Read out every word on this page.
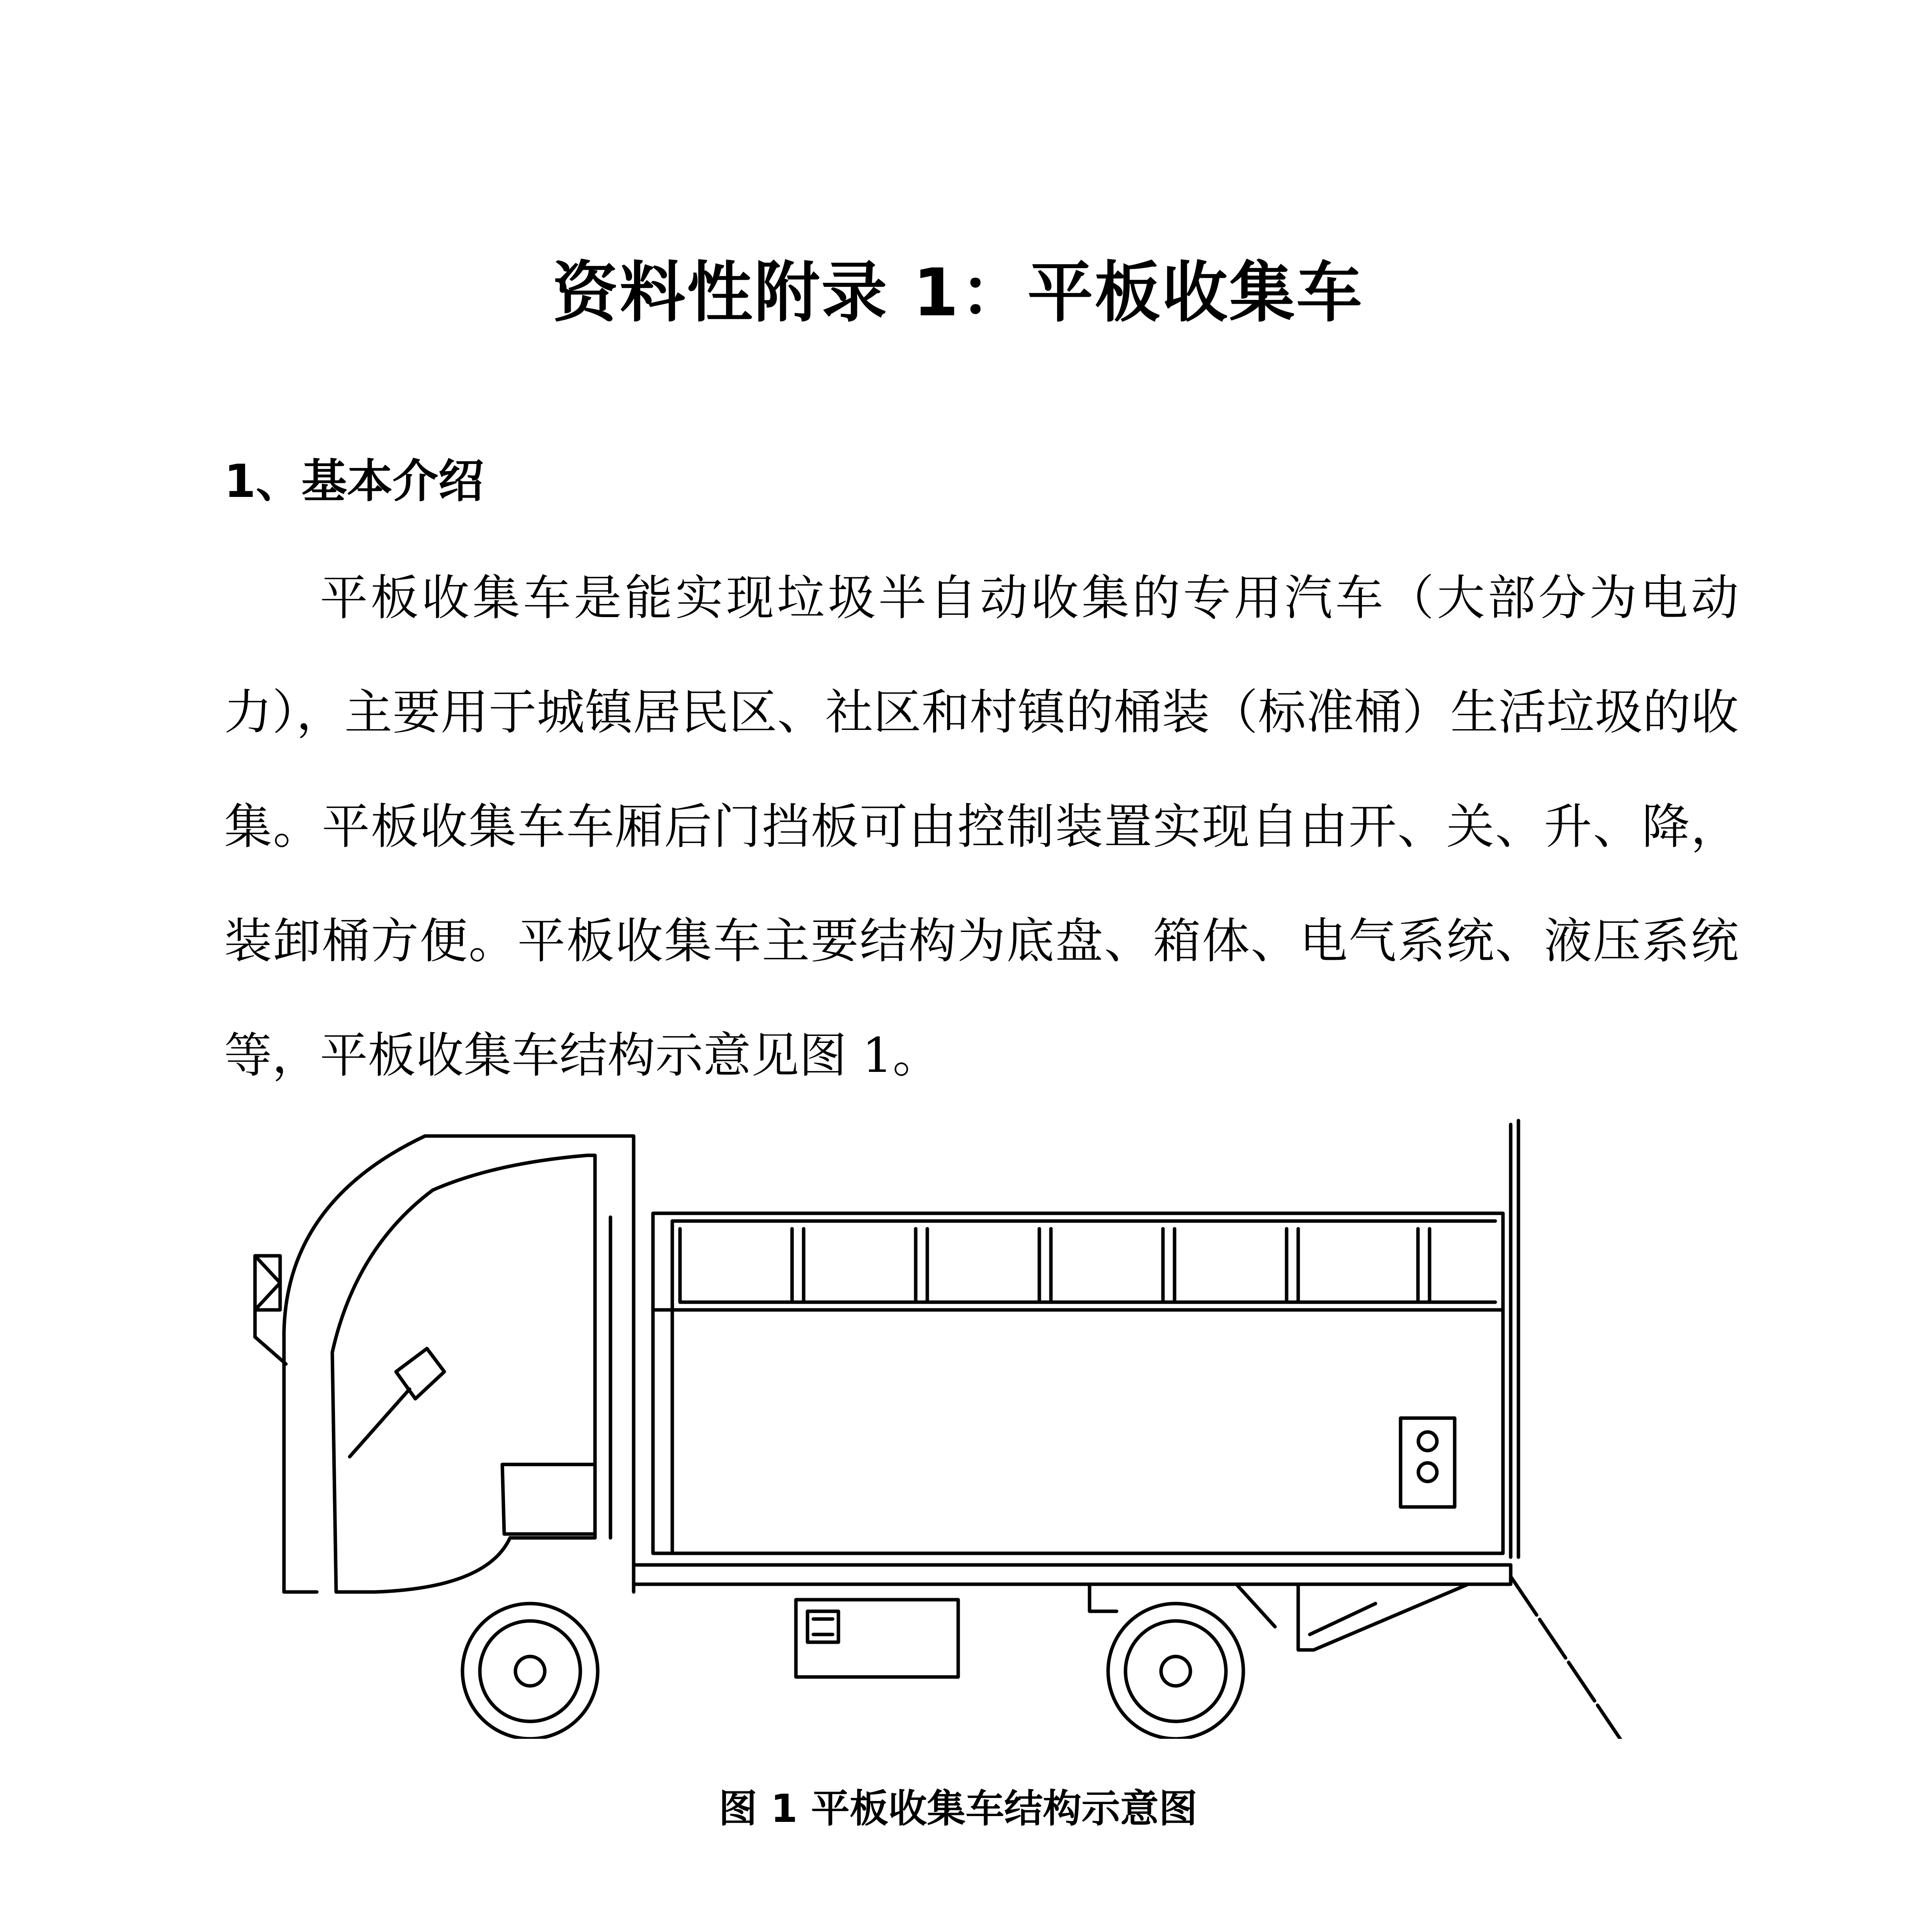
资料性附录 1：平板收集车
1、基本介绍

平板收集车是能实现垃圾半自动收集的专用汽车（大部分为电动力），主要用于城镇居民区、社区和村镇的桶装（标准桶）生活垃圾的收集。平板收集车车厢后门挡板可由控制装置实现自由开、关、升、降，装卸桶方便。平板收集车主要结构为底盘、箱体、电气系统、液压系统等，平板收集车结构示意见图 1。

图 1 平板收集车结构示意图
